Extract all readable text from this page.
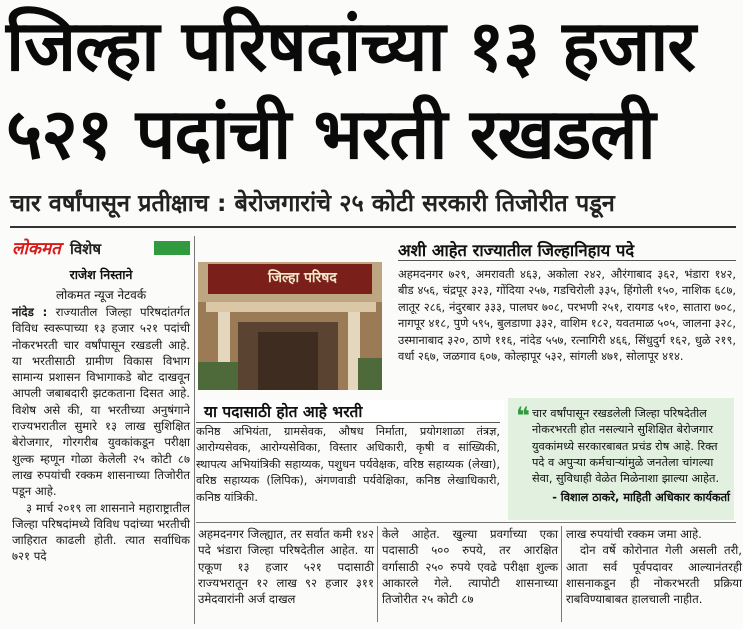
जिल्हा परिषदांच्या १३ हजार
५२१ पदांची भरती रखडली
चार वर्षांपासून प्रतीक्षाच : बेरोजगारांचे २५ कोटी सरकारी तिजोरीत पडून
लोकमत विशेष
राजेश निस्ताने
लोकमत न्यूज नेटवर्क
नांदेड : राज्यातील जिल्हा परिषदांतर्गत विविध स्वरूपाच्या १३ हजार ५२१ पदांची नोकरभरती चार वर्षांपासून रखडली आहे. या भरतीसाठी ग्रामीण विकास विभाग सामान्य प्रशासन विभागाकडे बोट दाखवून आपली जबाबदारी झटकताना दिसत आहे. विशेष असे की, या भरतीच्या अनुषंगाने राज्यभरातील सुमारे १३ लाख सुशिक्षित बेरोजगार, गोरगरीब युवकांकडून परीक्षा शुल्क म्हणून गोळा केलेली २५ कोटी ८७ लाख रुपयांची रक्कम शासनाच्या तिजोरीत पडून आहे.
३ मार्च २०१९ ला शासनाने महाराष्ट्रातील जिल्हा परिषदांमध्ये विविध पदांच्या भरतीची जाहिरात काढली होती. त्यात सर्वाधिक ७२१ पदे
जिल्हा परिषद
अशी आहेत राज्यातील जिल्हानिहाय पदे
अहमदनगर ७२९, अमरावती ४६३, अकोला २४२, औरंगाबाद ३६२, भंडारा १४२, बीड ४५६, चंद्रपूर ३२३, गोंदिया २५७, गडचिरोली ३३५, हिंगोली १५०, नाशिक ६८७, लातूर २८६, नंदुरबार ३३३, पालघर ७०८, परभणी २५१, रायगड ५१०, सातारा ७०८, नागपूर ४१८, पुणे ५९५, बुलडाणा ३३२, वाशिम १८२, यवतमाळ ५०५, जालना ३२८, उस्मानाबाद ३२०, ठाणे ११६, नांदेड ५५७, रत्नागिरी ४६६, सिंधुदुर्ग १६२, धुळे २१९, वर्धा २६७, जळगाव ६०७, कोल्हापूर ५३२, सांगली ४७१, सोलापूर ४१४.
या पदासाठी होत आहे भरती
कनिष्ठ अभियंता, ग्रामसेवक, औषध निर्माता, प्रयोगशाळा तंत्रज्ञ, आरोग्यसेवक, आरोग्यसेविका, विस्तार अधिकारी, कृषी व सांख्यिकी, स्थापत्य अभियांत्रिकी सहाय्यक, पशुधन पर्यवेक्षक, वरिष्ठ सहाय्यक (लेखा), वरिष्ठ सहाय्यक (लिपिक), अंगणवाडी पर्यवेक्षिका, कनिष्ठ लेखाधिकारी, कनिष्ठ यांत्रिकी.
❝ चार वर्षांपासून रखडलेली जिल्हा परिषदेतील नोकरभरती होत नसल्याने सुशिक्षित बेरोजगार युवकांमध्ये सरकारबाबत प्रचंड रोष आहे. रिक्त पदे व अपुऱ्या कर्मचाऱ्यांमुळे जनतेला चांगल्या सेवा, सुविधाही वेळेत मिळेनाशा झाल्या आहेत.
- विशाल ठाकरे, माहिती अधिकार कार्यकर्ता
अहमदनगर जिल्ह्यात, तर सर्वात कमी १४२ पदे भंडारा जिल्हा परिषदेतील आहेत. या एकूण १३ हजार ५२१ पदासाठी राज्यभरातून १२ लाख ९२ हजार ३११ उमेदवारांनी अर्ज दाखल
केले आहेत. खुल्या प्रवर्गाच्या एका पदासाठी ५०० रुपये, तर आरक्षित वर्गासाठी २५० रुपये एवढे परीक्षा शुल्क आकारले गेले. त्यापोटी शासनाच्या तिजोरीत २५ कोटी ८७
लाख रुपयांची रक्कम जमा आहे.
दोन वर्षे कोरोनात गेली असली तरी, आता सर्व पूर्वपदावर आल्यानंतरही शासनाकडून ही नोकरभरती प्रक्रिया राबविण्याबाबत हालचाली नाहीत.
